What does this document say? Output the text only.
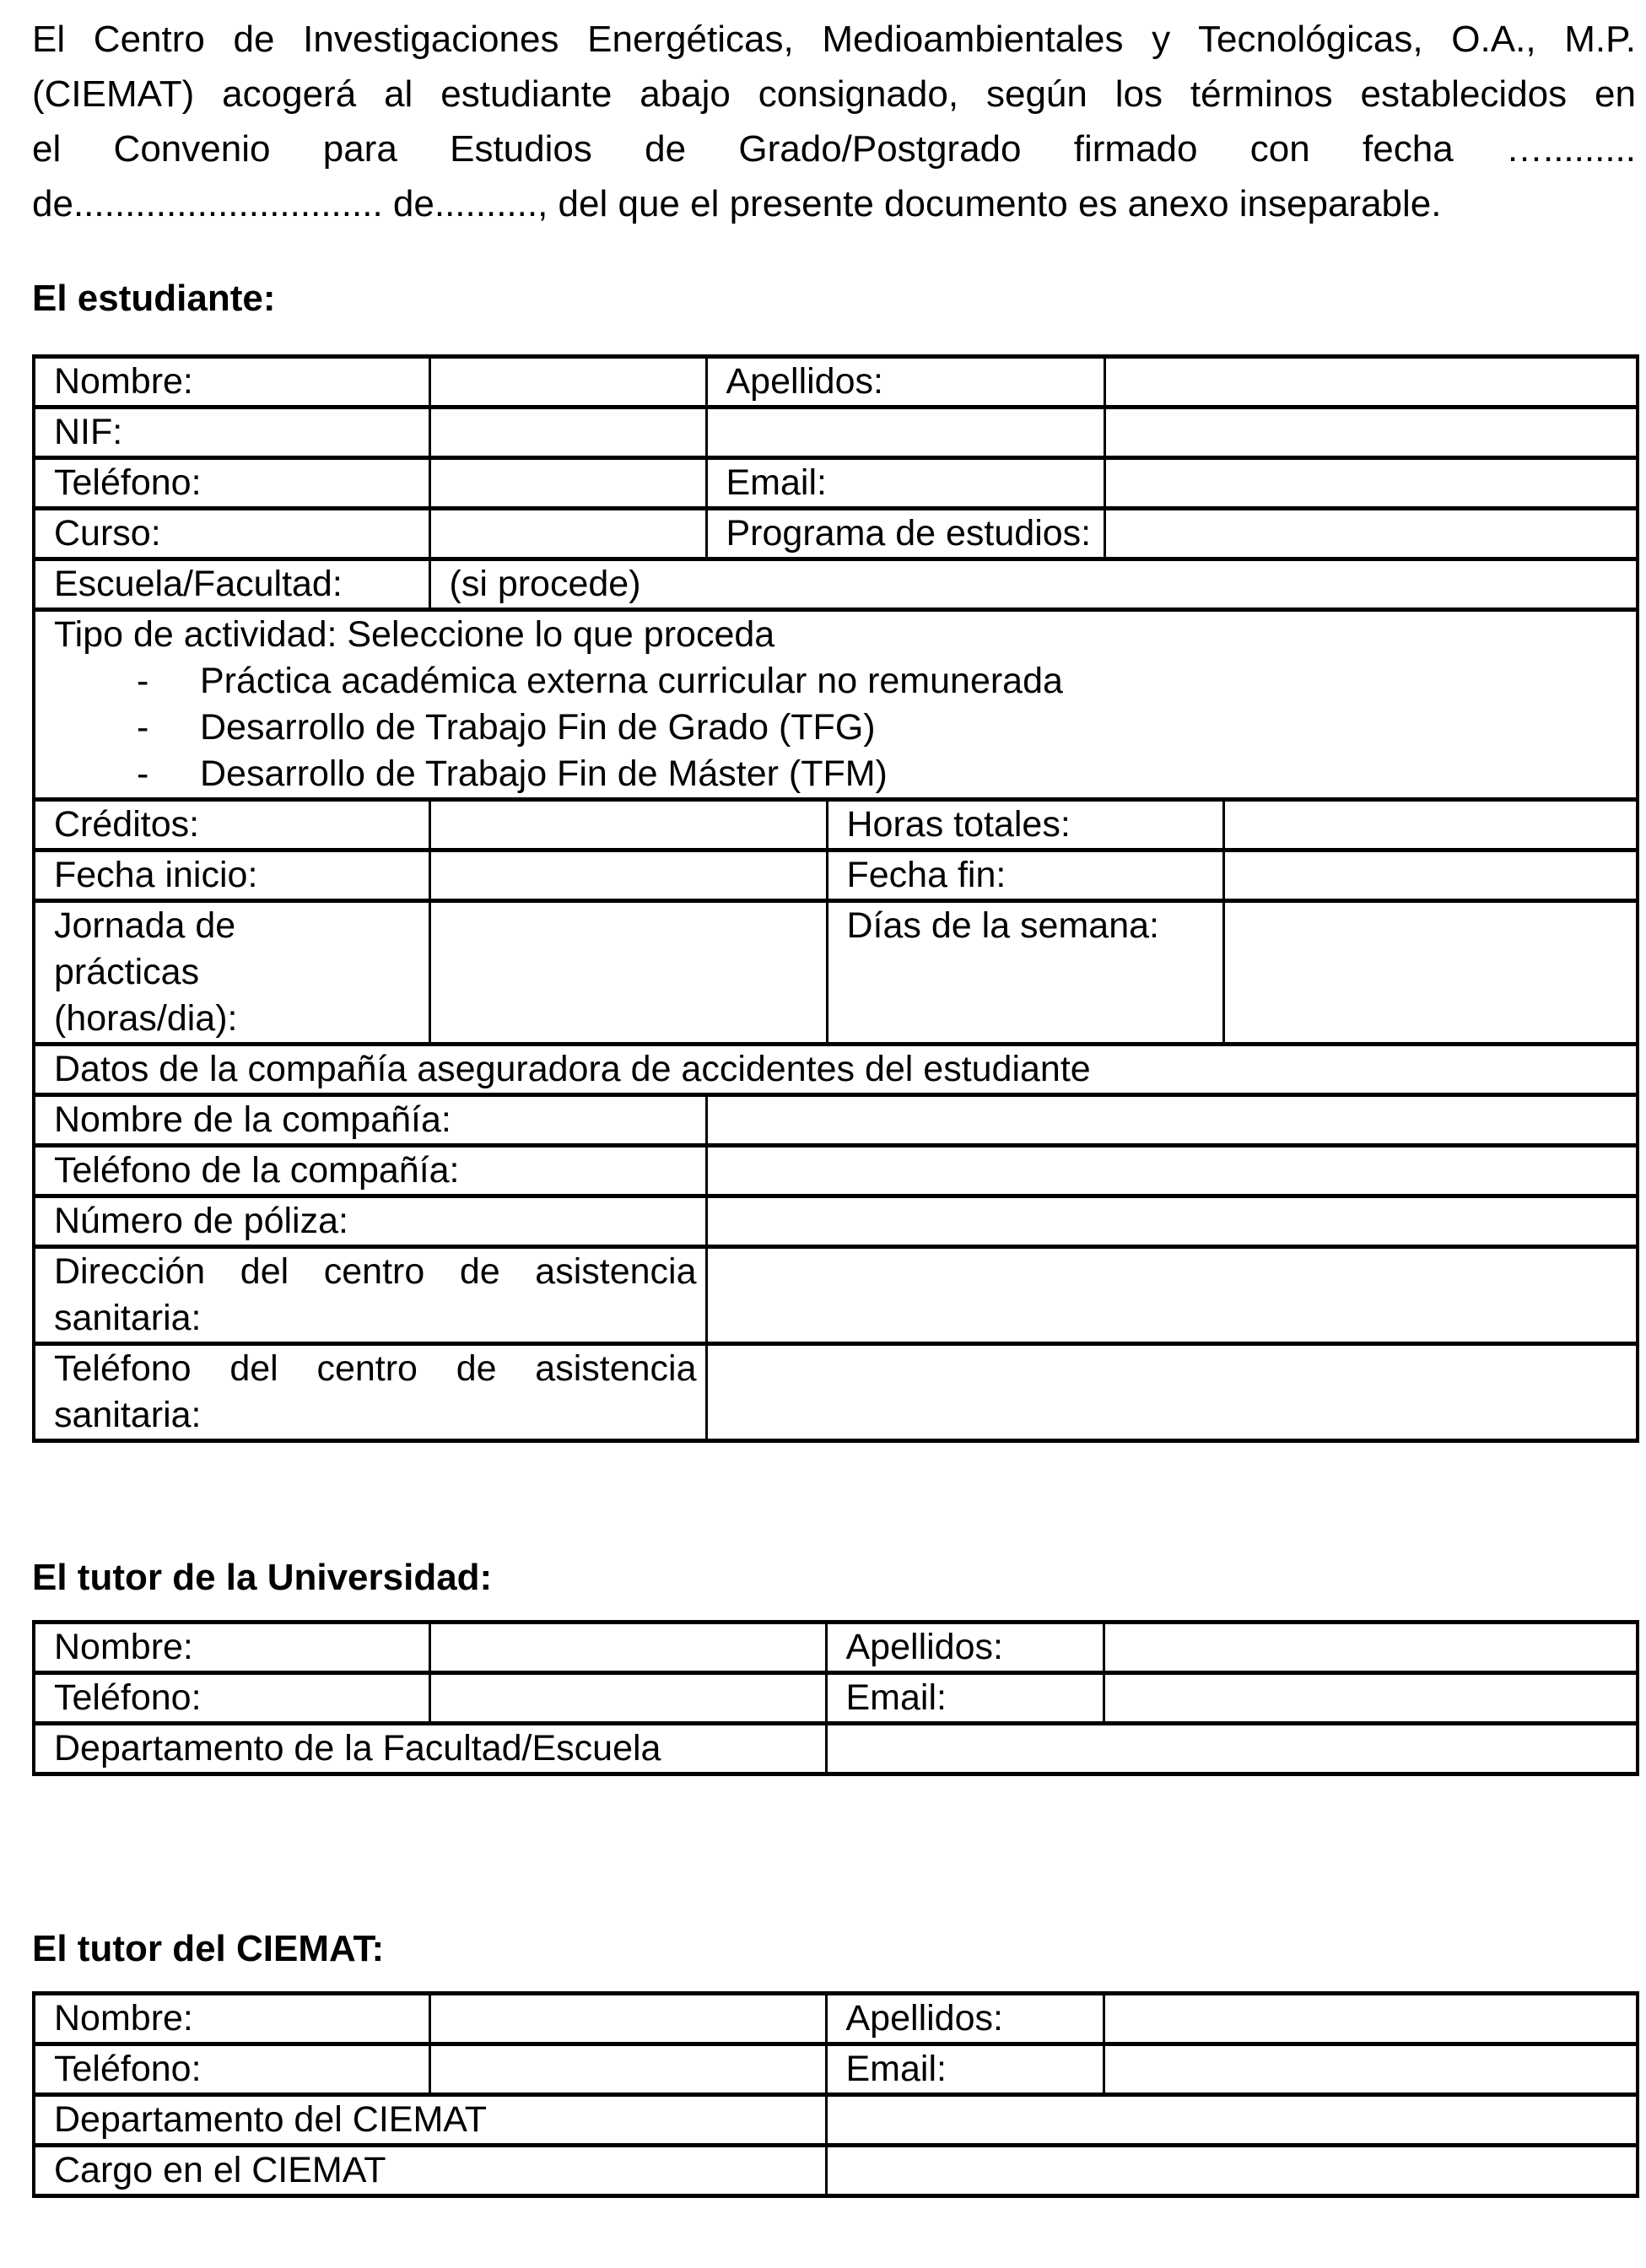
El Centro de Investigaciones Energéticas, Medioambientales y Tecnológicas, O.A., M.P.
(CIEMAT) acogerá al estudiante abajo consignado, según los términos establecidos en
el Convenio para Estudios de Grado/Postgrado firmado con fecha ….........
de.............................. de.........., del que el presente documento es anexo inseparable.
El estudiante:
Nombre:		Apellidos:			
NIF:					
Teléfono:		Email:			
Curso:		Programa de estudios:			
Escuela/Facultad:	(si procede)				

Tipo de actividad: Seleccione lo que proceda
- Práctica académica externa curricular no remunerada
- Desarrollo de Trabajo Fin de Grado (TFG)
- Desarrollo de Trabajo Fin de Máster (TFM)					

Créditos:			Horas totales:		
Fecha inicio:			Fecha fin:		

Jornada de
prácticas
(horas/dia):			Días de la semana:		
Datos de la compañía aseguradora de accidentes del estudiante					
Nombre de la compañía:					
Teléfono de la compañía:					
Número de póliza:					
Dirección del centro de asistencia sanitaria:					
Teléfono del centro de asistencia sanitaria:					
El tutor de la Universidad:
Nombre:		Apellidos:	
Teléfono:		Email:	
Departamento de la Facultad/Escuela			
El tutor del CIEMAT:
Nombre:		Apellidos:	
Teléfono:		Email:	
Departamento del CIEMAT			
Cargo en el CIEMAT			
